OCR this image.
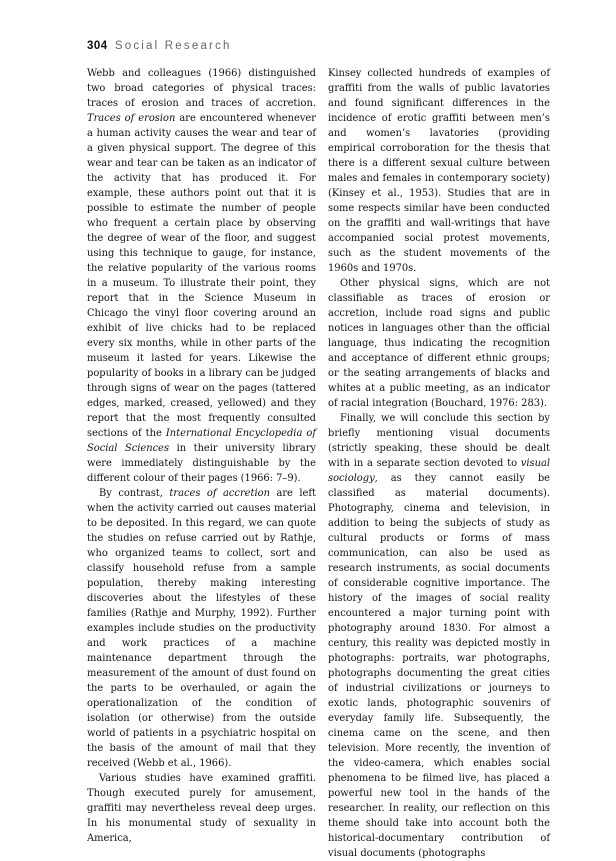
304 Social Research

Webb and colleagues (1966) distinguished two broad categories of physical traces: traces of erosion and traces of accretion. Traces of erosion are encountered whenever a human activity causes the wear and tear of a given physical support. The degree of this wear and tear can be taken as an indicator of the activity that has produced it. For example, these authors point out that it is possible to estimate the number of people who frequent a certain place by observing the degree of wear of the floor, and suggest using this technique to gauge, for instance, the relative popularity of the various rooms in a museum. To illustrate their point, they report that in the Science Museum in Chicago the vinyl floor covering around an exhibit of live chicks had to be replaced every six months, while in other parts of the museum it lasted for years. Likewise the popularity of books in a library can be judged through signs of wear on the pages (tattered edges, marked, creased, yellowed) and they report that the most frequently consulted sections of the International Encyclopedia of Social Sciences in their university library were immediately distinguishable by the different colour of their pages (1966: 7–9).

By contrast, traces of accretion are left when the activity carried out causes material to be deposited. In this regard, we can quote the studies on refuse carried out by Rathje, who organized teams to collect, sort and classify household refuse from a sample population, thereby making interesting discoveries about the lifestyles of these families (Rathje and Murphy, 1992). Further examples include studies on the productivity and work practices of a machine maintenance department through the measurement of the amount of dust found on the parts to be overhauled, or again the operationalization of the condition of isolation (or otherwise) from the outside world of patients in a psychiatric hospital on the basis of the amount of mail that they received (Webb et al., 1966).

Various studies have examined graffiti. Though executed purely for amusement, graffiti may nevertheless reveal deep urges. In his monumental study of sexuality in America,

Kinsey collected hundreds of examples of graffiti from the walls of public lavatories and found significant differences in the incidence of erotic graffiti between men’s and women’s lavatories (providing empirical corroboration for the thesis that there is a different sexual culture between males and females in contemporary society) (Kinsey et al., 1953). Studies that are in some respects similar have been conducted on the graffiti and wall-writings that have accompanied social protest movements, such as the student movements of the 1960s and 1970s.

Other physical signs, which are not classifiable as traces of erosion or accretion, include road signs and public notices in languages other than the official language, thus indicating the recognition and acceptance of different ethnic groups; or the seating arrangements of blacks and whites at a public meeting, as an indicator of racial integration (Bouchard, 1976: 283).

Finally, we will conclude this section by briefly mentioning visual documents (strictly speaking, these should be dealt with in a separate section devoted to visual sociology, as they cannot easily be classified as material documents). Photography, cinema and television, in addition to being the subjects of study as cultural products or forms of mass communication, can also be used as research instruments, as social documents of considerable cognitive importance. The history of the images of social reality encountered a major turning point with photography around 1830. For almost a century, this reality was depicted mostly in photographs: portraits, war photographs, photographs documenting the great cities of industrial civilizations or journeys to exotic lands, photographic souvenirs of everyday family life. Subsequently, the cinema came on the scene, and then television. More recently, the invention of the video-camera, which enables social phenomena to be filmed live, has placed a powerful new tool in the hands of the researcher. In reality, our reflection on this theme should take into account both the historical-documentary contribution of visual documents (photographs
